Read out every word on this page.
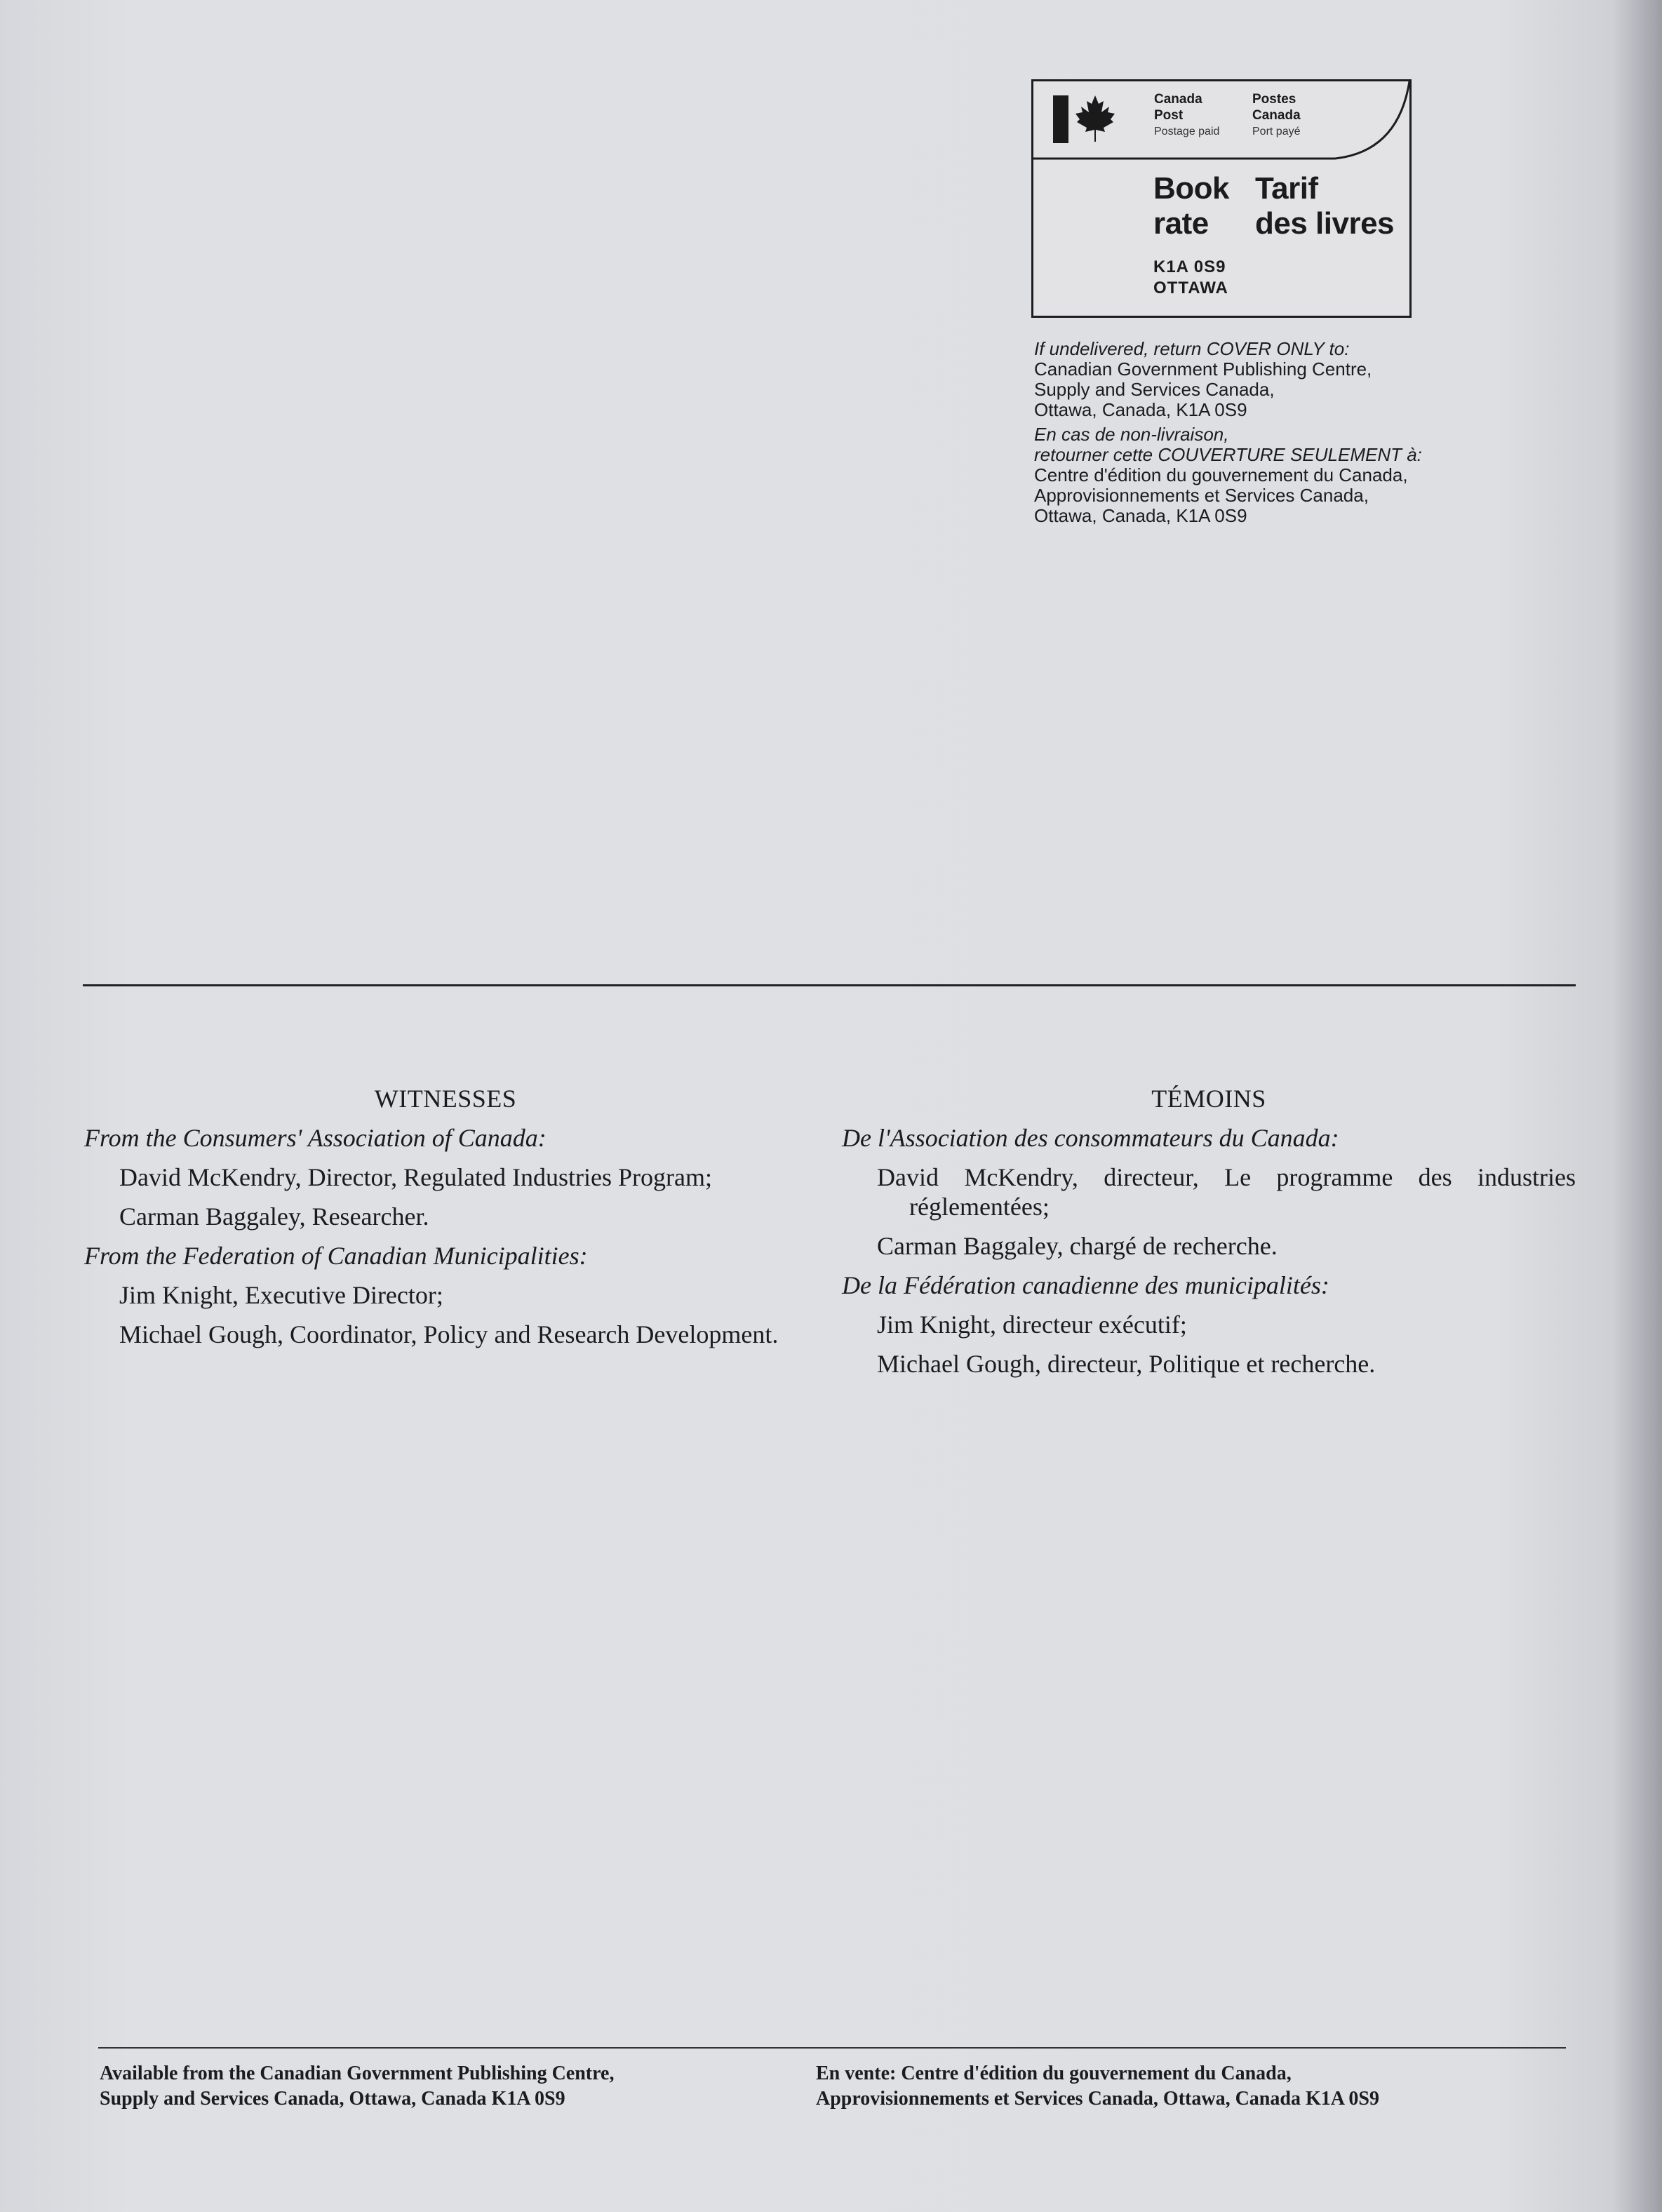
Canada
Post
Postage paid
Postes
Canada
Port payé
Book
rate
Tarif
des livres
K1A 0S9
OTTAWA
If undelivered, return COVER ONLY to:
Canadian Government Publishing Centre,
Supply and Services Canada,
Ottawa, Canada, K1A 0S9
En cas de non-livraison,
retourner cette COUVERTURE SEULEMENT à:
Centre d'édition du gouvernement du Canada,
Approvisionnements et Services Canada,
Ottawa, Canada, K1A 0S9
WITNESSES
From the Consumers' Association of Canada:
David McKendry, Director, Regulated Industries Program;
Carman Baggaley, Researcher.
From the Federation of Canadian Municipalities:
Jim Knight, Executive Director;
Michael Gough, Coordinator, Policy and Research Development.
TÉMOINS
De l'Association des consommateurs du Canada:
David McKendry, directeur, Le programme des industries réglementées;
Carman Baggaley, chargé de recherche.
De la Fédération canadienne des municipalités:
Jim Knight, directeur exécutif;
Michael Gough, directeur, Politique et recherche.
Available from the Canadian Government Publishing Centre,
Supply and Services Canada, Ottawa, Canada K1A 0S9
En vente: Centre d'édition du gouvernement du Canada,
Approvisionnements et Services Canada, Ottawa, Canada K1A 0S9
